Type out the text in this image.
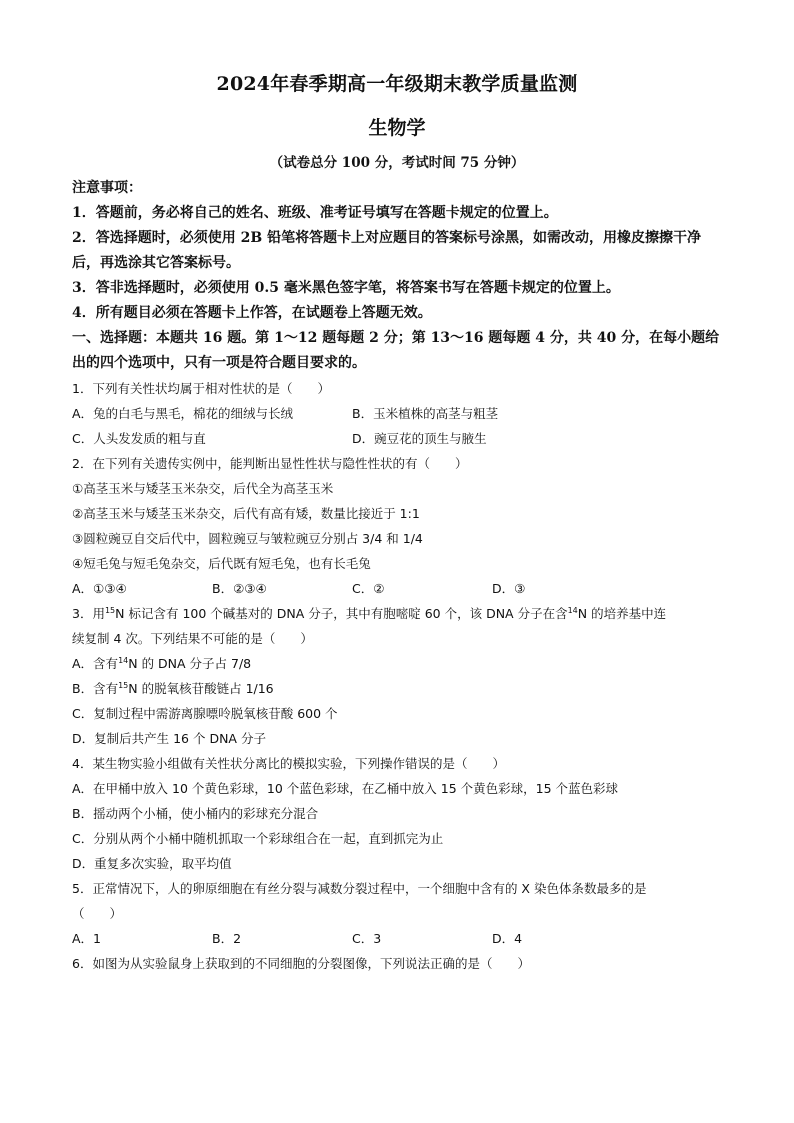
2024年春季期高一年级期末教学质量监测
生物学
（试卷总分 100 分，考试时间 75 分钟）
注意事项：
1．答题前，务必将自己的姓名、班级、准考证号填写在答题卡规定的位置上。
2．答选择题时，必须使用 2B 铅笔将答题卡上对应题目的答案标号涂黑，如需改动，用橡皮擦擦干净后，再选涂其它答案标号。
3．答非选择题时，必须使用 0.5 毫米黑色签字笔，将答案书写在答题卡规定的位置上。
4．所有题目必须在答题卡上作答，在试题卷上答题无效。
一、选择题：本题共 16 题。第 1～12 题每题 2 分；第 13～16 题每题 4 分，共 40 分，在每小题给出的四个选项中，只有一项是符合题目要求的。
1．下列有关性状均属于相对性状的是（　　）
A．兔的白毛与黑毛，棉花的细绒与长绒	B．玉米植株的高茎与粗茎
C．人头发发质的粗与直	D．豌豆花的顶生与腋生
2．在下列有关遗传实例中，能判断出显性性状与隐性性状的有（　　）
①高茎玉米与矮茎玉米杂交，后代全为高茎玉米
②高茎玉米与矮茎玉米杂交，后代有高有矮，数量比接近于 1:1
③圆粒豌豆自交后代中，圆粒豌豆与皱粒豌豆分别占 3/4 和 1/4
④短毛兔与短毛兔杂交，后代既有短毛兔，也有长毛兔
A．①③④	B．②③④	C．②	D．③
3．用$^{15}$N 标记含有 100 个碱基对的 DNA 分子，其中有胞嘧啶 60 个，该 DNA 分子在含$^{14}$N 的培养基中连
续复制 4 次。下列结果不可能的是（　　）
A．含有$^{14}$N 的 DNA 分子占 7/8
B．含有$^{15}$N 的脱氧核苷酸链占 1/16
C．复制过程中需游离腺嘌呤脱氧核苷酸 600 个
D．复制后共产生 16 个 DNA 分子
4．某生物实验小组做有关性状分离比的模拟实验，下列操作错误的是（　　）
A．在甲桶中放入 10 个黄色彩球，10 个蓝色彩球，在乙桶中放入 15 个黄色彩球，15 个蓝色彩球
B．摇动两个小桶，使小桶内的彩球充分混合
C．分别从两个小桶中随机抓取一个彩球组合在一起，直到抓完为止
D．重复多次实验，取平均值
5．正常情况下，人的卵原细胞在有丝分裂与减数分裂过程中，一个细胞中含有的 X 染色体条数最多的是
（　　）
A．1	B．2	C．3	D．4
6．如图为从实验鼠身上获取到的不同细胞的分裂图像，下列说法正确的是（　　）
